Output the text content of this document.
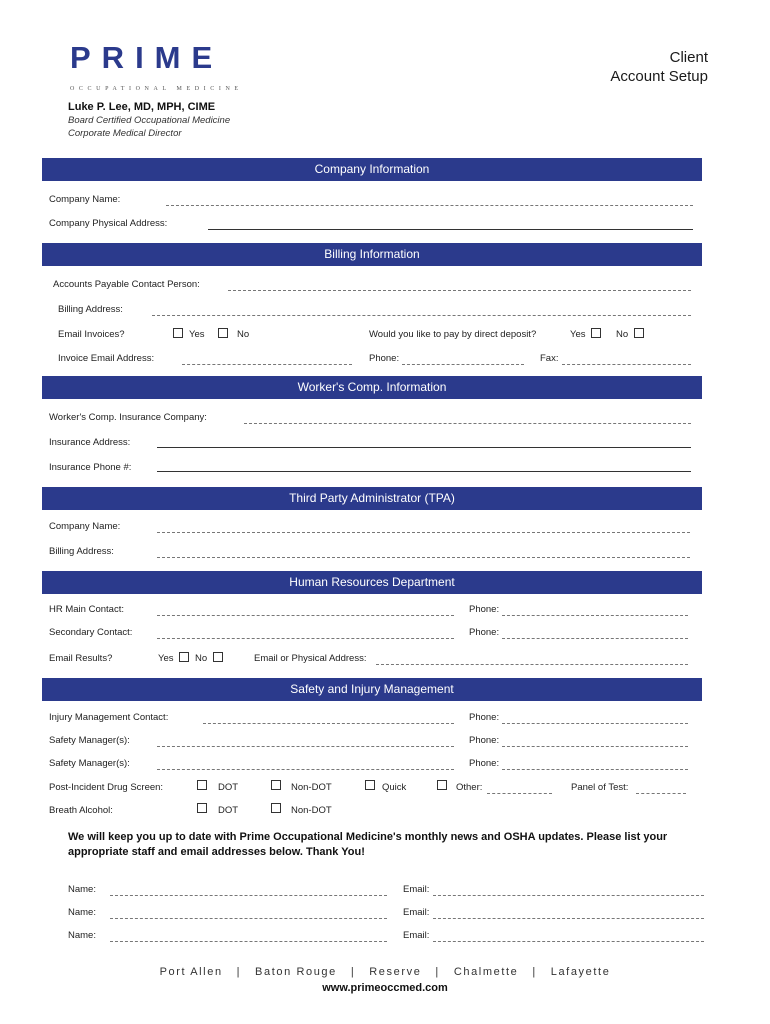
PRIME
OCCUPATIONAL MEDICINE
Client
Account Setup
Luke P. Lee, MD, MPH, CIME
Board Certified Occupational Medicine
Corporate Medical Director
Company Information
Company Name:
Company Physical Address:
Billing Information
Accounts Payable Contact Person:
Billing Address:
Email Invoices?	Yes	No	Would you like to pay by direct deposit?	Yes	No
Invoice Email Address:	Phone:	Fax:
Worker's Comp. Information
Worker's Comp. Insurance Company:
Insurance Address:
Insurance Phone #:
Third Party Administrator (TPA)
Company Name:
Billing Address:
Human Resources Department
HR Main Contact:	Phone:
Secondary Contact:	Phone:
Email Results?	Yes No	Email or Physical Address:
Safety and Injury Management
Injury Management Contact:	Phone:
Safety Manager(s):	Phone:
Safety Manager(s):	Phone:
Post-Incident Drug Screen:	DOT	Non-DOT	Quick	Other:	Panel of Test:
Breath Alcohol:	DOT	Non-DOT
We will keep you up to date with Prime Occupational Medicine's monthly news and OSHA updates. Please list your appropriate staff and email addresses below. Thank You!
Name:	Email:
Name:	Email:
Name:	Email:
Port Allen   |   Baton Rouge   |   Reserve   |   Chalmette   |   Lafayette
www.primeoccmed.com
